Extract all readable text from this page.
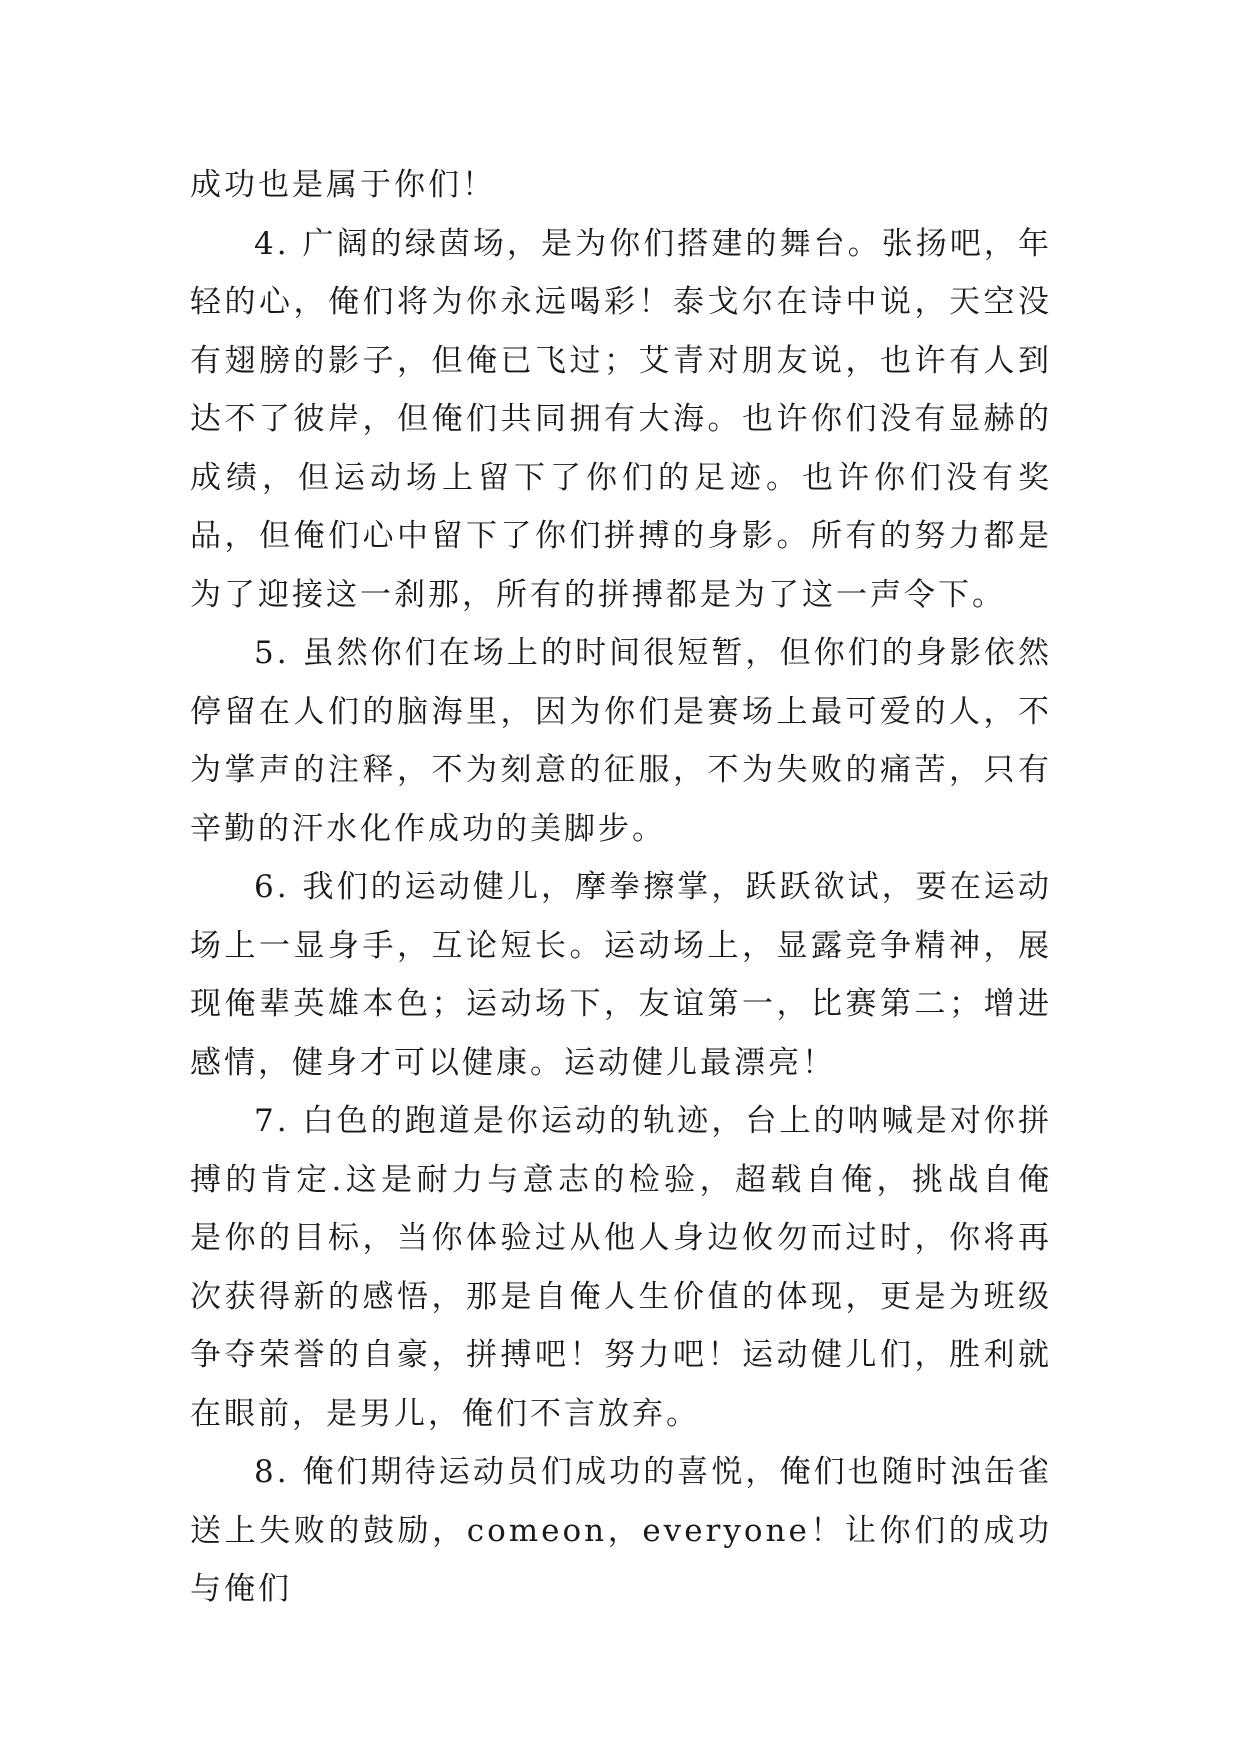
成功也是属于你们！

4. 广阔的绿茵场，是为你们搭建的舞台。张扬吧，年轻的心，俺们将为你永远喝彩！泰戈尔在诗中说，天空没有翅膀的影子，但俺已飞过；艾青对朋友说，也许有人到达不了彼岸，但俺们共同拥有大海。也许你们没有显赫的成绩，但运动场上留下了你们的足迹。也许你们没有奖品，但俺们心中留下了你们拼搏的身影。所有的努力都是为了迎接这一刹那，所有的拼搏都是为了这一声令下。

5. 虽然你们在场上的时间很短暂，但你们的身影依然停留在人们的脑海里，因为你们是赛场上最可爱的人，不为掌声的注释，不为刻意的征服，不为失败的痛苦，只有辛勤的汗水化作成功的美脚步。

6. 我们的运动健儿，摩拳擦掌，跃跃欲试，要在运动场上一显身手，互论短长。运动场上，显露竞争精神，展现俺辈英雄本色；运动场下，友谊第一，比赛第二；增进感情，健身才可以健康。运动健儿最漂亮！

7. 白色的跑道是你运动的轨迹，台上的呐喊是对你拼搏的肯定.这是耐力与意志的检验，超载自俺，挑战自俺是你的目标，当你体验过从他人身边攸勿而过时，你将再次获得新的感悟，那是自俺人生价值的体现，更是为班级争夺荣誉的自豪，拼搏吧！努力吧！运动健儿们，胜利就在眼前，是男儿，俺们不言放弃。

8. 俺们期待运动员们成功的喜悦，俺们也随时浊缶雀送上失败的鼓励，comeon，everyone！让你们的成功与俺们
